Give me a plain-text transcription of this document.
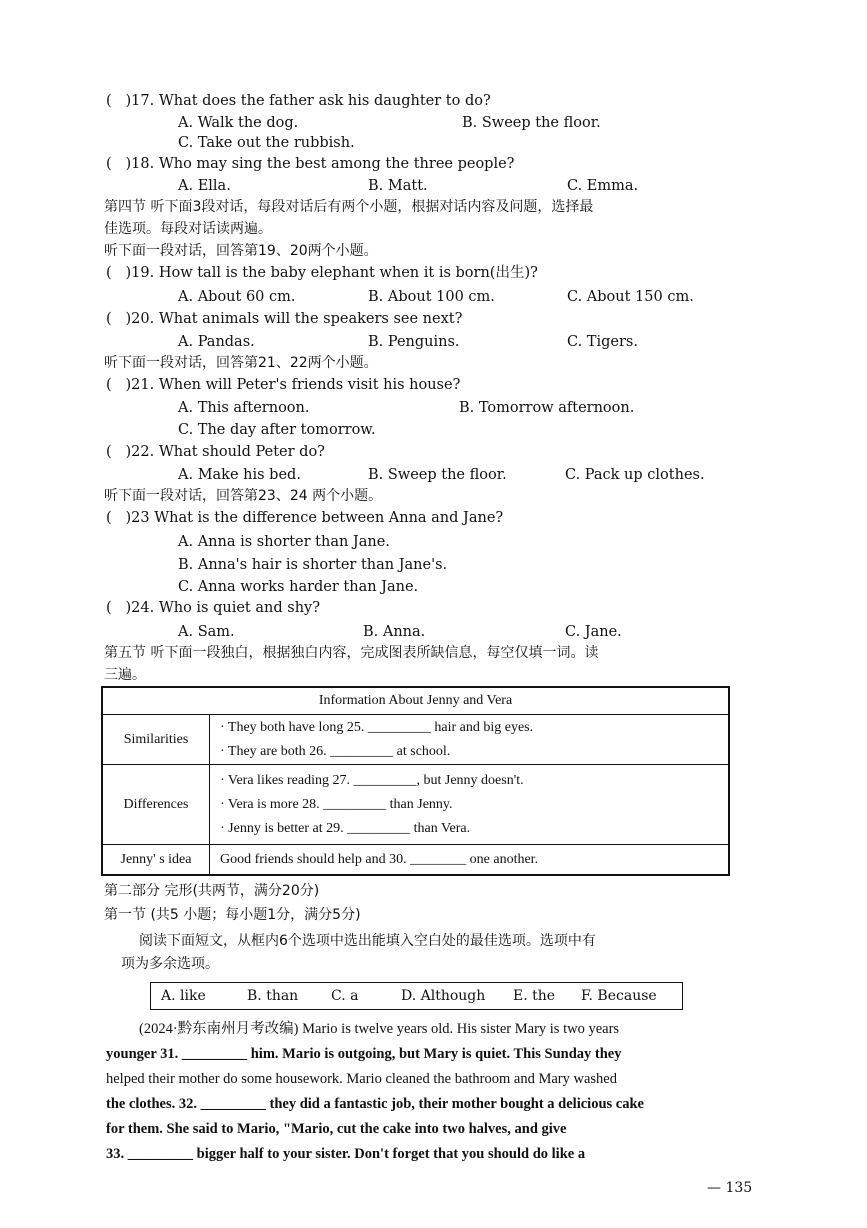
( )17. What does the father ask his daughter to do?
A. Walk the dog.	B. Sweep the floor.
C. Take out the rubbish.
( )18. Who may sing the best among the three people?
A. Ella.	B. Matt.	C. Emma.
第四节 听下面3段对话，每段对话后有两个小题，根据对话内容及问题，选择最
佳选项。每段对话读两遍。
听下面一段对话，回答第19、20两个小题。
( )19. How tall is the baby elephant when it is born(出生)?
A. About 60 cm.	B. About 100 cm.	C. About 150 cm.
( )20. What animals will the speakers see next?
A. Pandas.	B. Penguins.	C. Tigers.
听下面一段对话，回答第21、22两个小题。
( )21. When will Peter's friends visit his house?
A. This afternoon.	B. Tomorrow afternoon.
C. The day after tomorrow.
( )22. What should Peter do?
A. Make his bed.	B. Sweep the floor.	C. Pack up clothes.
听下面一段对话，回答第23、24 两个小题。
( )23 What is the difference between Anna and Jane?
A. Anna is shorter than Jane.
B. Anna's hair is shorter than Jane's.
C. Anna works harder than Jane.
( )24. Who is quiet and shy?
A. Sam.	B. Anna.	C. Jane.
第五节 听下面一段独白，根据独白内容，完成图表所缺信息，每空仅填一词。读
三遍。
Information About Jenny and Vera	
Similarities	· They both have long 25. _________ hair and big eyes.
· They are both 26. _________ at school.

Differences	· Vera likes reading 27. _________, but Jenny doesn't.
· Vera is more 28. _________ than Jenny.
· Jenny is better at 29. _________ than Vera.

Jenny' s idea	Good friends should help and 30. ________ one another.
第二部分 完形(共两节，满分20分)
第一节 (共5 小题；每小题1分，满分5分)
阅读下面短文，从框内6个选项中选出能填入空白处的最佳选项。选项中有
项为多余选项。
A. like	B. than C. a	D. Although E. the F. Because
(2024·黔东南州月考改编) Mario is twelve years old. His sister Mary is two years
younger 31. _________ him. Mario is outgoing, but Mary is quiet. This Sunday they
helped their mother do some housework. Mario cleaned the bathroom and Mary washed
the clothes. 32. _________ they did a fantastic job, their mother bought a delicious cake
for them. She said to Mario, "Mario, cut the cake into two halves, and give
33. _________ bigger half to your sister. Don't forget that you should do like a
— 135
